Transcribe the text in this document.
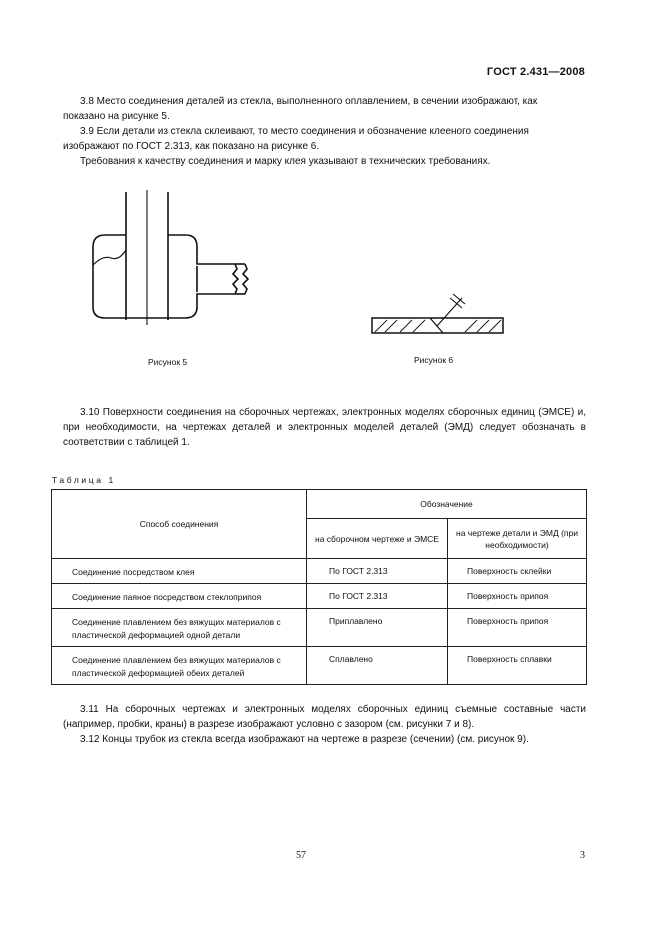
ГОСТ 2.431—2008

3.8 Место соединения деталей из стекла, выполненного оплавлением, в сечении изображают, как

показано на рисунке 5.

3.9 Если детали из стекла склеивают, то место соединения и обозначение клееного соединения

изображают по ГОСТ 2.313, как показано на рисунке 6.

Требования к качеству соединения и марку клея указывают в технических требованиях.

Рисунок 5	Рисунок 6

3.10 Поверхности соединения на сборочных чертежах, электронных моделях сборочных единиц (ЭМСЕ) и, при необходимости, на чертежах деталей и электронных моделей деталей (ЭМД) следует обозначать в соответствии с таблицей 1.

Таблица 1
Способ соединения	Обозначение	
	на сборочном чертеже и ЭМСЕ	на чертеже детали и ЭМД (при необходимости)
Соединение посредством клея	По ГОСТ 2.313	Поверхность склейки
Соединение паяное посредством стеклоприпоя	По ГОСТ 2.313	Поверхность припоя
Соединение плавлением без вяжущих материалов с пластической деформацией одной детали	Приплавлено	Поверхность припоя
Соединение плавлением без вяжущих материалов с пластической деформацией обеих деталей	Сплавлено	Поверхность сплавки

3.11 На сборочных чертежах и электронных моделях сборочных единиц съемные составные части (например, пробки, краны) в разрезе изображают условно с зазором (см. рисунки 7 и 8).

3.12 Концы трубок из стекла всегда изображают на чертеже в разрезе (сечении) (см. рисунок 9).

57	3
